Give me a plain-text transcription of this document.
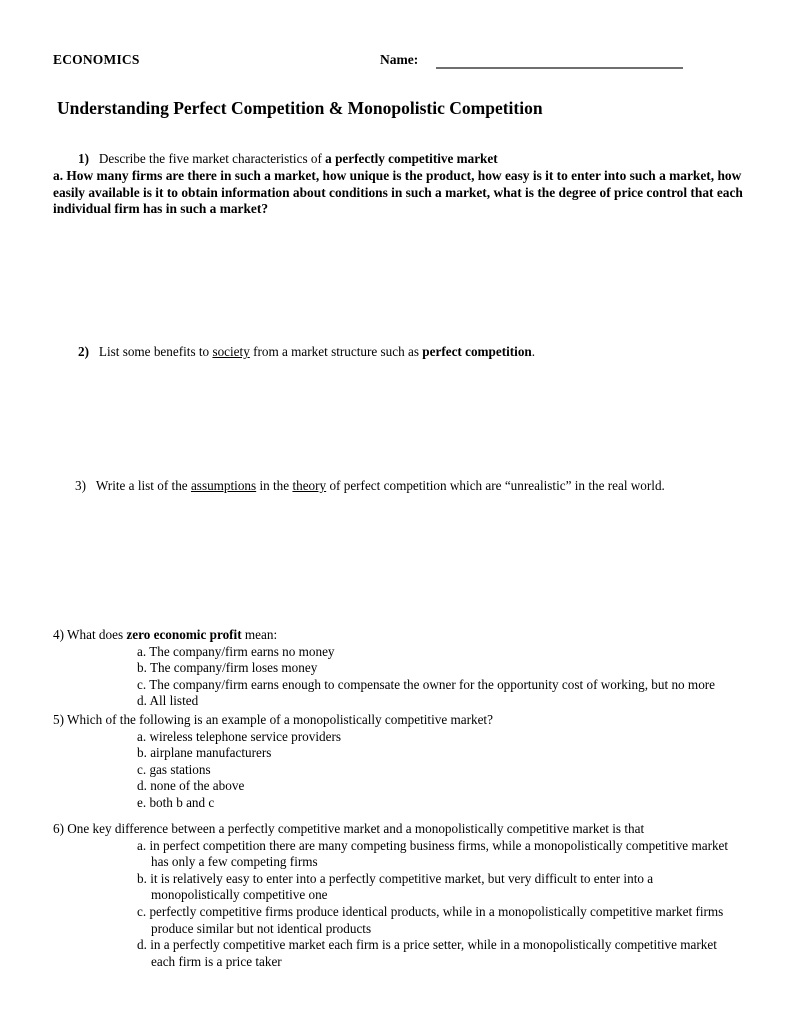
ECONOMICS	Name:
Understanding Perfect Competition & Monopolistic Competition
1) Describe the five market characteristics of a perfectly competitive market
a. How many firms are there in such a market, how unique is the product, how easy is it to enter into such a market, how easily available is it to obtain information about conditions in such a market, what is the degree of price control that each individual firm has in such a market?
2) List some benefits to society from a market structure such as perfect competition.
3) Write a list of the assumptions in the theory of perfect competition which are “unrealistic” in the real world.
4) What does zero economic profit mean:
a. The company/firm earns no money
b. The company/firm loses money
c. The company/firm earns enough to compensate the owner for the opportunity cost of working, but no more
d. All listed
5) Which of the following is an example of a monopolistically competitive market?
a. wireless telephone service providers
b. airplane manufacturers
c. gas stations
d. none of the above
e. both b and c
6) One key difference between a perfectly competitive market and a monopolistically competitive market is that
a. in perfect competition there are many competing business firms, while a monopolistically competitive market has only a few competing firms
b. it is relatively easy to enter into a perfectly competitive market, but very difficult to enter into a monopolistically competitive one
c. perfectly competitive firms produce identical products, while in a monopolistically competitive market firms produce similar but not identical products
d. in a perfectly competitive market each firm is a price setter, while in a monopolistically competitive market each firm is a price taker
